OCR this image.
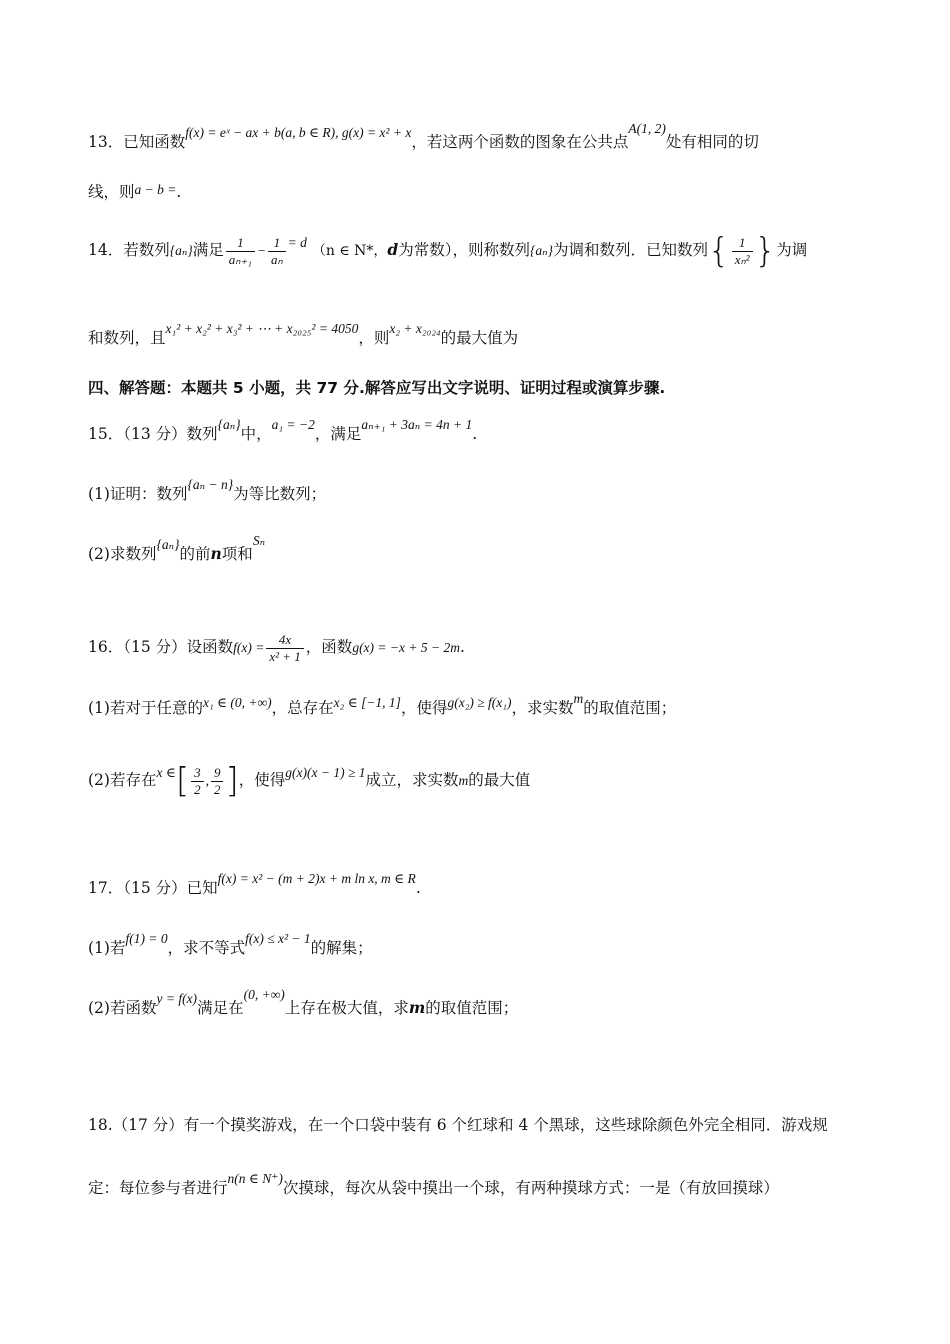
13．已知函数f(x) = eˣ − ax + b(a, b ∈ R), g(x) = x² + x，若这两个函数的图象在公共点A(1, 2)处有相同的切
线，则a − b =.
14．若数列{aₙ}满足 $\frac{1}{\text{aₙ₊₁}} - \frac{1}{\text{aₙ}} = d$ （n ∈ N*，d为常数），则称数列{aₙ}为调和数列．已知数列{ $\frac{1}{\text{xₙ²}}$ }为调
和数列，且x₁² + x₂² + x₃² + ⋯ + x₂₀₂₅² = 4050，则x₂ + x₂₀₂₄的最大值为
四、解答题：本题共 5 小题，共 77 分.解答应写出文字说明、证明过程或演算步骤.
15．（13 分）数列{aₙ}中，a₁ = −2，满足aₙ₊₁ + 3aₙ = 4n + 1.
(1)证明：数列{aₙ − n}为等比数列；
(2)求数列{aₙ}的前n项和Sₙ
16．（15 分）设函数$f(x) = \frac{4x}{\text{x² + 1}}$ ，函数g(x) = −x + 5 − 2m.
(1)若对于任意的x₁ ∈ (0, +∞)，总存在x₂ ∈ [−1, 1]，使得g(x₂) ≥ f(x₁)，求实数m的取值范围；
(2)若存在x ∈[ $\frac{3}{2}$ , $\frac{9}{2}$ ]，使得g(x)(x − 1) ≥ 1成立，求实数m的最大值
17．（15 分）已知f(x) = x² − (m + 2)x + m ln x, m ∈ R.
(1)若f(1) = 0，求不等式f(x) ≤ x² − 1的解集；
(2)若函数y = f(x)满足在(0, +∞)上存在极大值，求m的取值范围；
18.（17 分）有一个摸奖游戏，在一个口袋中装有 6 个红球和 4 个黑球，这些球除颜色外完全相同．游戏规
定：每位参与者进行n(n ∈ N⁺)次摸球，每次从袋中摸出一个球，有两种摸球方式：一是（有放回摸球）
